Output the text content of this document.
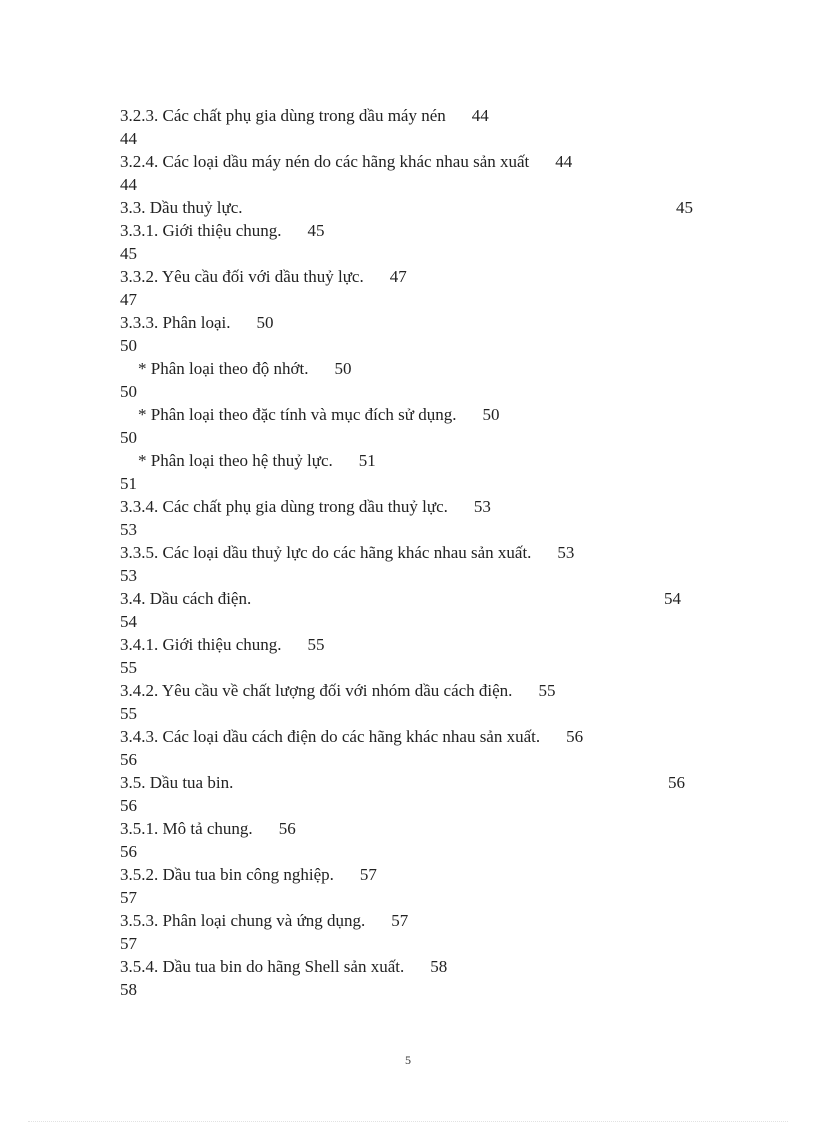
3.2.3. Các chất phụ gia dùng trong dầu máy nén 44
44
3.2.4. Các loại dầu máy nén do các hãng khác nhau sản xuất 44
44
3.3. Dầu thuỷ lực.	45
3.3.1. Giới thiệu chung. 45
45
3.3.2. Yêu cầu đối với dầu thuỷ lực. 47
47
3.3.3. Phân loại. 50
50
* Phân loại theo độ nhớt. 50
50
* Phân loại theo đặc tính và mục đích sử dụng. 50
50
* Phân loại theo hệ thuỷ lực. 51
51
3.3.4. Các chất phụ gia dùng trong dầu thuỷ lực. 53
53
3.3.5. Các loại dầu thuỷ lực do các hãng khác nhau sản xuất. 53
53
3.4. Dầu cách điện.	54
54
3.4.1. Giới thiệu chung. 55
55
3.4.2. Yêu cầu về chất lượng đối với nhóm dầu cách điện. 55
55
3.4.3. Các loại dầu cách điện do các hãng khác nhau sản xuất. 56
56
3.5. Dầu tua bin.	56
56
3.5.1. Mô tả chung. 56
56
3.5.2. Dầu tua bin công nghiệp. 57
57
3.5.3. Phân loại chung và ứng dụng. 57
57
3.5.4. Dầu tua bin do hãng Shell sản xuất. 58
58
5
